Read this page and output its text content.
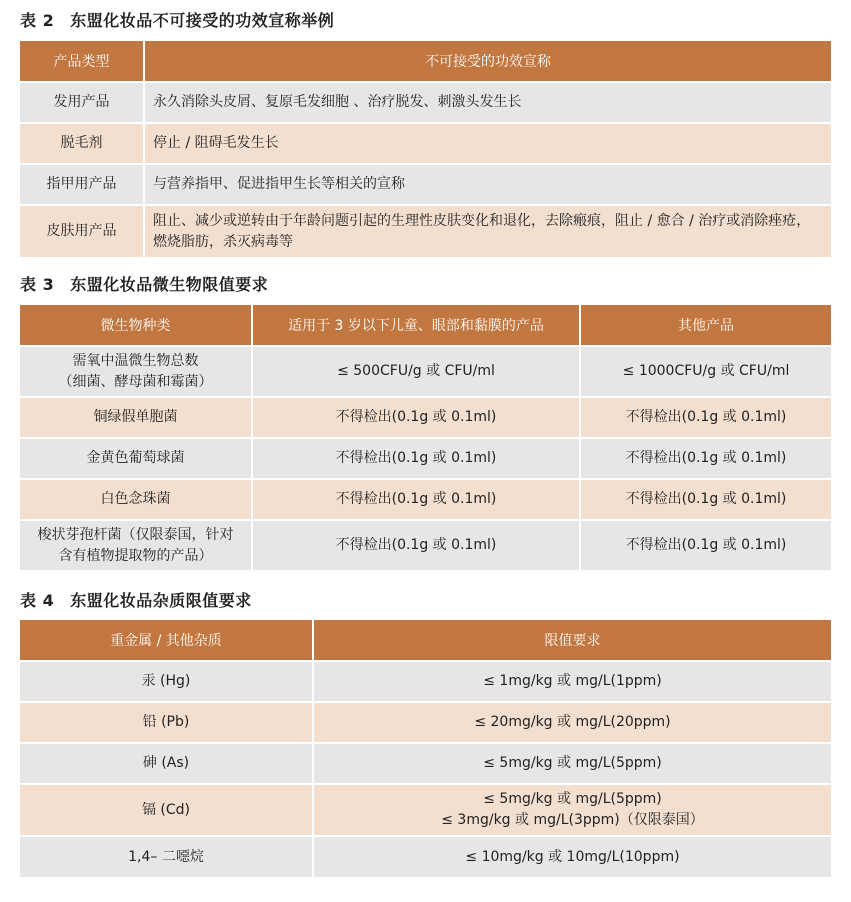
表 2 东盟化妆品不可接受的功效宣称举例
产品类型	不可接受的功效宣称
发用产品	永久消除头皮屑、复原毛发细胞 、治疗脱发、刺激头发生长
脱毛剂	停止 / 阻碍毛发生长
指甲用产品	与营养指甲、促进指甲生长等相关的宣称
皮肤用产品	阻止、减少或逆转由于年龄问题引起的生理性皮肤变化和退化，去除瘢痕，阻止 / 愈合 / 治疗或消除痤疮，燃烧脂肪，杀灭病毒等
表 3 东盟化妆品微生物限值要求
微生物种类	适用于 3 岁以下儿童、眼部和黏膜的产品	其他产品
需氧中温微生物总数
（细菌、酵母菌和霉菌）	≤ 500CFU/g 或 CFU/ml	≤ 1000CFU/g 或 CFU/ml
铜绿假单胞菌	不得检出(0.1g 或 0.1ml)	不得检出(0.1g 或 0.1ml)
金黄色葡萄球菌	不得检出(0.1g 或 0.1ml)	不得检出(0.1g 或 0.1ml)
白色念珠菌	不得检出(0.1g 或 0.1ml)	不得检出(0.1g 或 0.1ml)
梭状芽孢杆菌（仅限泰国，针对
含有植物提取物的产品）	不得检出(0.1g 或 0.1ml)	不得检出(0.1g 或 0.1ml)
表 4 东盟化妆品杂质限值要求
重金属 / 其他杂质	限值要求
汞 (Hg)	≤ 1mg/kg 或 mg/L(1ppm)
铅 (Pb)	≤ 20mg/kg 或 mg/L(20ppm)
砷 (As)	≤ 5mg/kg 或 mg/L(5ppm)
镉 (Cd)	≤ 5mg/kg 或 mg/L(5ppm)
≤ 3mg/kg 或 mg/L(3ppm)（仅限泰国）
1,4– 二噁烷	≤ 10mg/kg 或 10mg/L(10ppm)
